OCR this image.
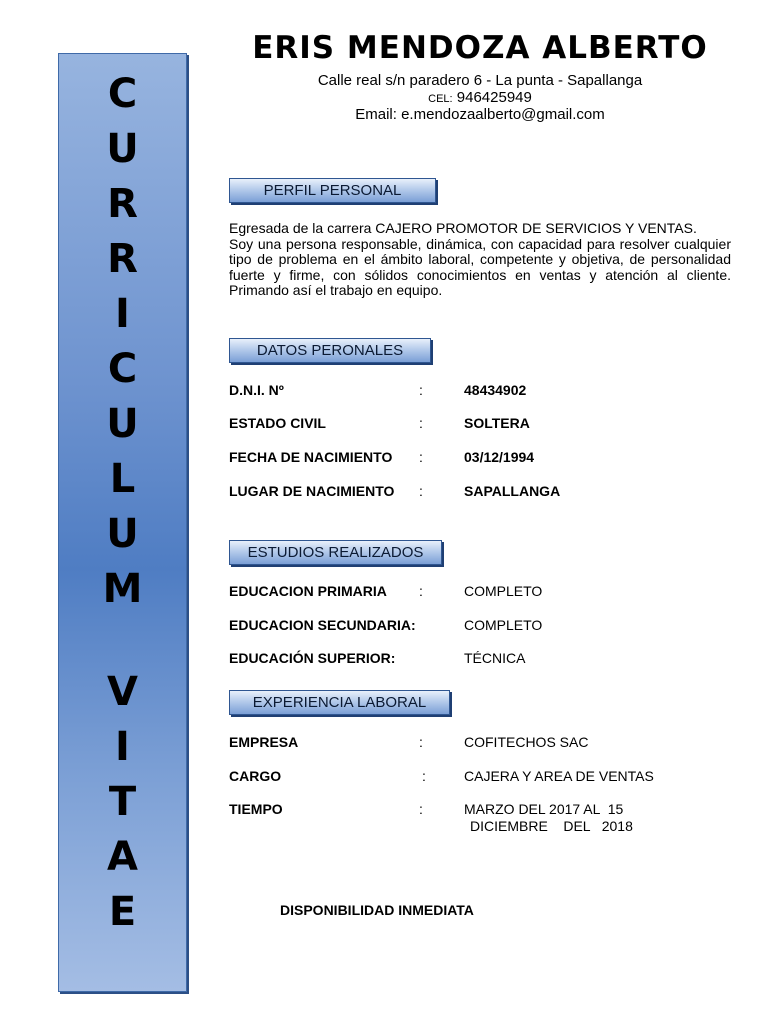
C
U
R
R
I
C
U
L
U
M
V
I
T
A
E
ERIS MENDOZA ALBERTO
Calle real s/n paradero 6 - La punta - Sapallanga
CEL: 946425949
Email: e.mendozaalberto@gmail.com
PERFIL PERSONAL
Egresada de la carrera CAJERO PROMOTOR DE SERVICIOS Y VENTAS.
Soy una persona responsable, dinámica, con capacidad para resolver cualquier tipo de problema en el ámbito laboral, competente y objetiva, de personalidad fuerte y firme, con sólidos conocimientos en ventas y atención al cliente. Primando así el trabajo en equipo.
DATOS PERONALES
D.N.I. Nº	:	48434902
ESTADO CIVIL	:	SOLTERA
FECHA DE NACIMIENTO :	03/12/1994
LUGAR DE NACIMIENTO :	SAPALLANGA
ESTUDIOS REALIZADOS
EDUCACION PRIMARIA :	COMPLETO
EDUCACION SECUNDARIA:	COMPLETO
EDUCACIÓN SUPERIOR:	TÉCNICA
EXPERIENCIA LABORAL
EMPRESA	:	COFITECHOS SAC
CARGO	:	CAJERA Y AREA DE VENTAS
TIEMPO	:	MARZO DEL 2017 AL  15
DICIEMBRE    DEL   2018
DISPONIBILIDAD INMEDIATA
